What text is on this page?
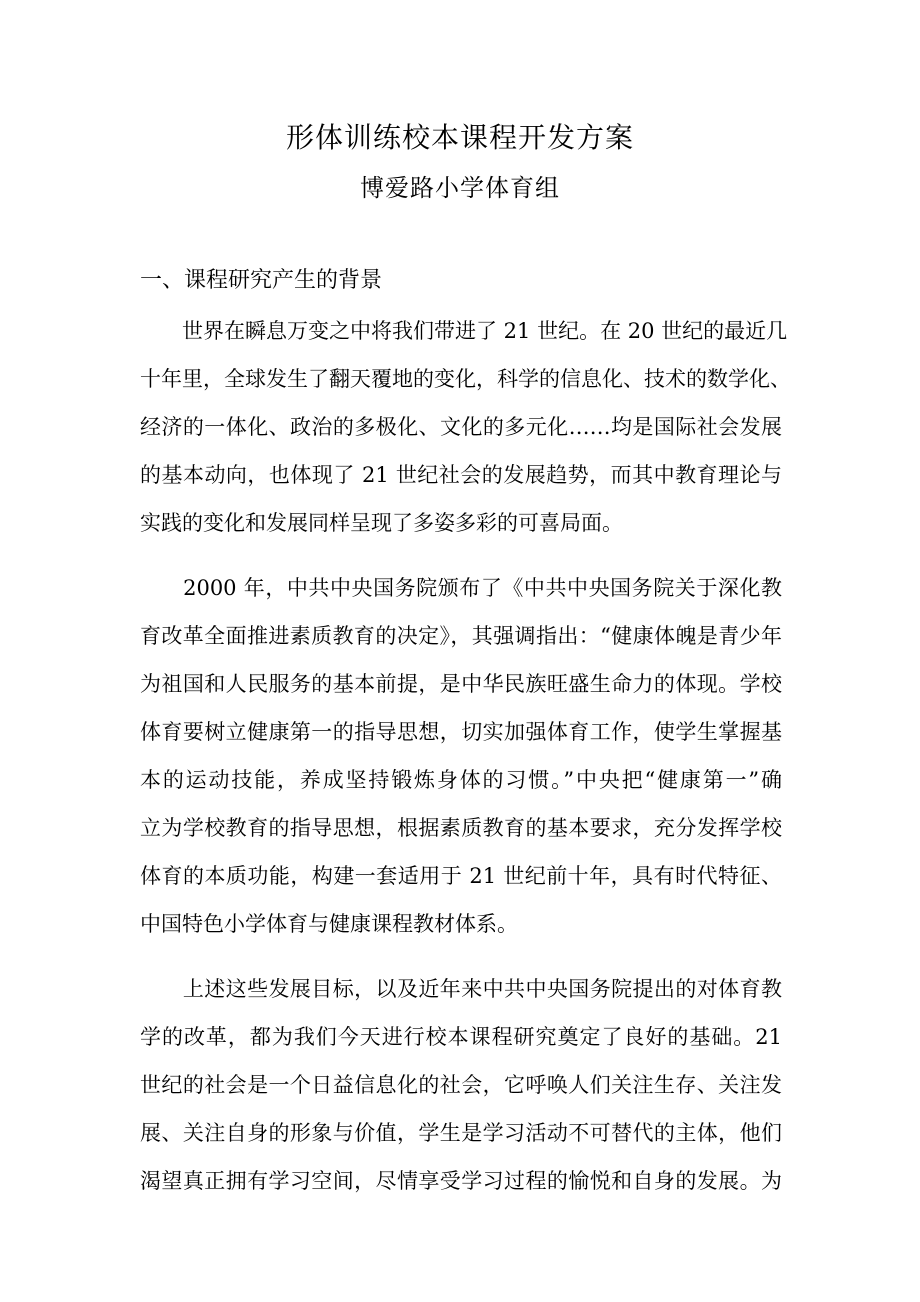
形体训练校本课程开发方案
博爱路小学体育组
一、课程研究产生的背景
　　世界在瞬息万变之中将我们带进了 21 世纪。在 20 世纪的最近几
十年里，全球发生了翻天覆地的变化，科学的信息化、技术的数学化、
经济的一体化、政治的多极化、文化的多元化……均是国际社会发展
的基本动向，也体现了 21 世纪社会的发展趋势，而其中教育理论与
实践的变化和发展同样呈现了多姿多彩的可喜局面。
　　2000 年，中共中央国务院颁布了《中共中央国务院关于深化教
育改革全面推进素质教育的决定》，其强调指出：“健康体魄是青少年
为祖国和人民服务的基本前提，是中华民族旺盛生命力的体现。学校
体育要树立健康第一的指导思想，切实加强体育工作，使学生掌握基
本的运动技能，养成坚持锻炼身体的习惯。”中央把“健康第一”确
立为学校教育的指导思想，根据素质教育的基本要求，充分发挥学校
体育的本质功能，构建一套适用于 21 世纪前十年，具有时代特征、
中国特色小学体育与健康课程教材体系。
　　上述这些发展目标，以及近年来中共中央国务院提出的对体育教
学的改革，都为我们今天进行校本课程研究奠定了良好的基础。21
世纪的社会是一个日益信息化的社会，它呼唤人们关注生存、关注发
展、关注自身的形象与价值，学生是学习活动不可替代的主体，他们
渴望真正拥有学习空间，尽情享受学习过程的愉悦和自身的发展。为
